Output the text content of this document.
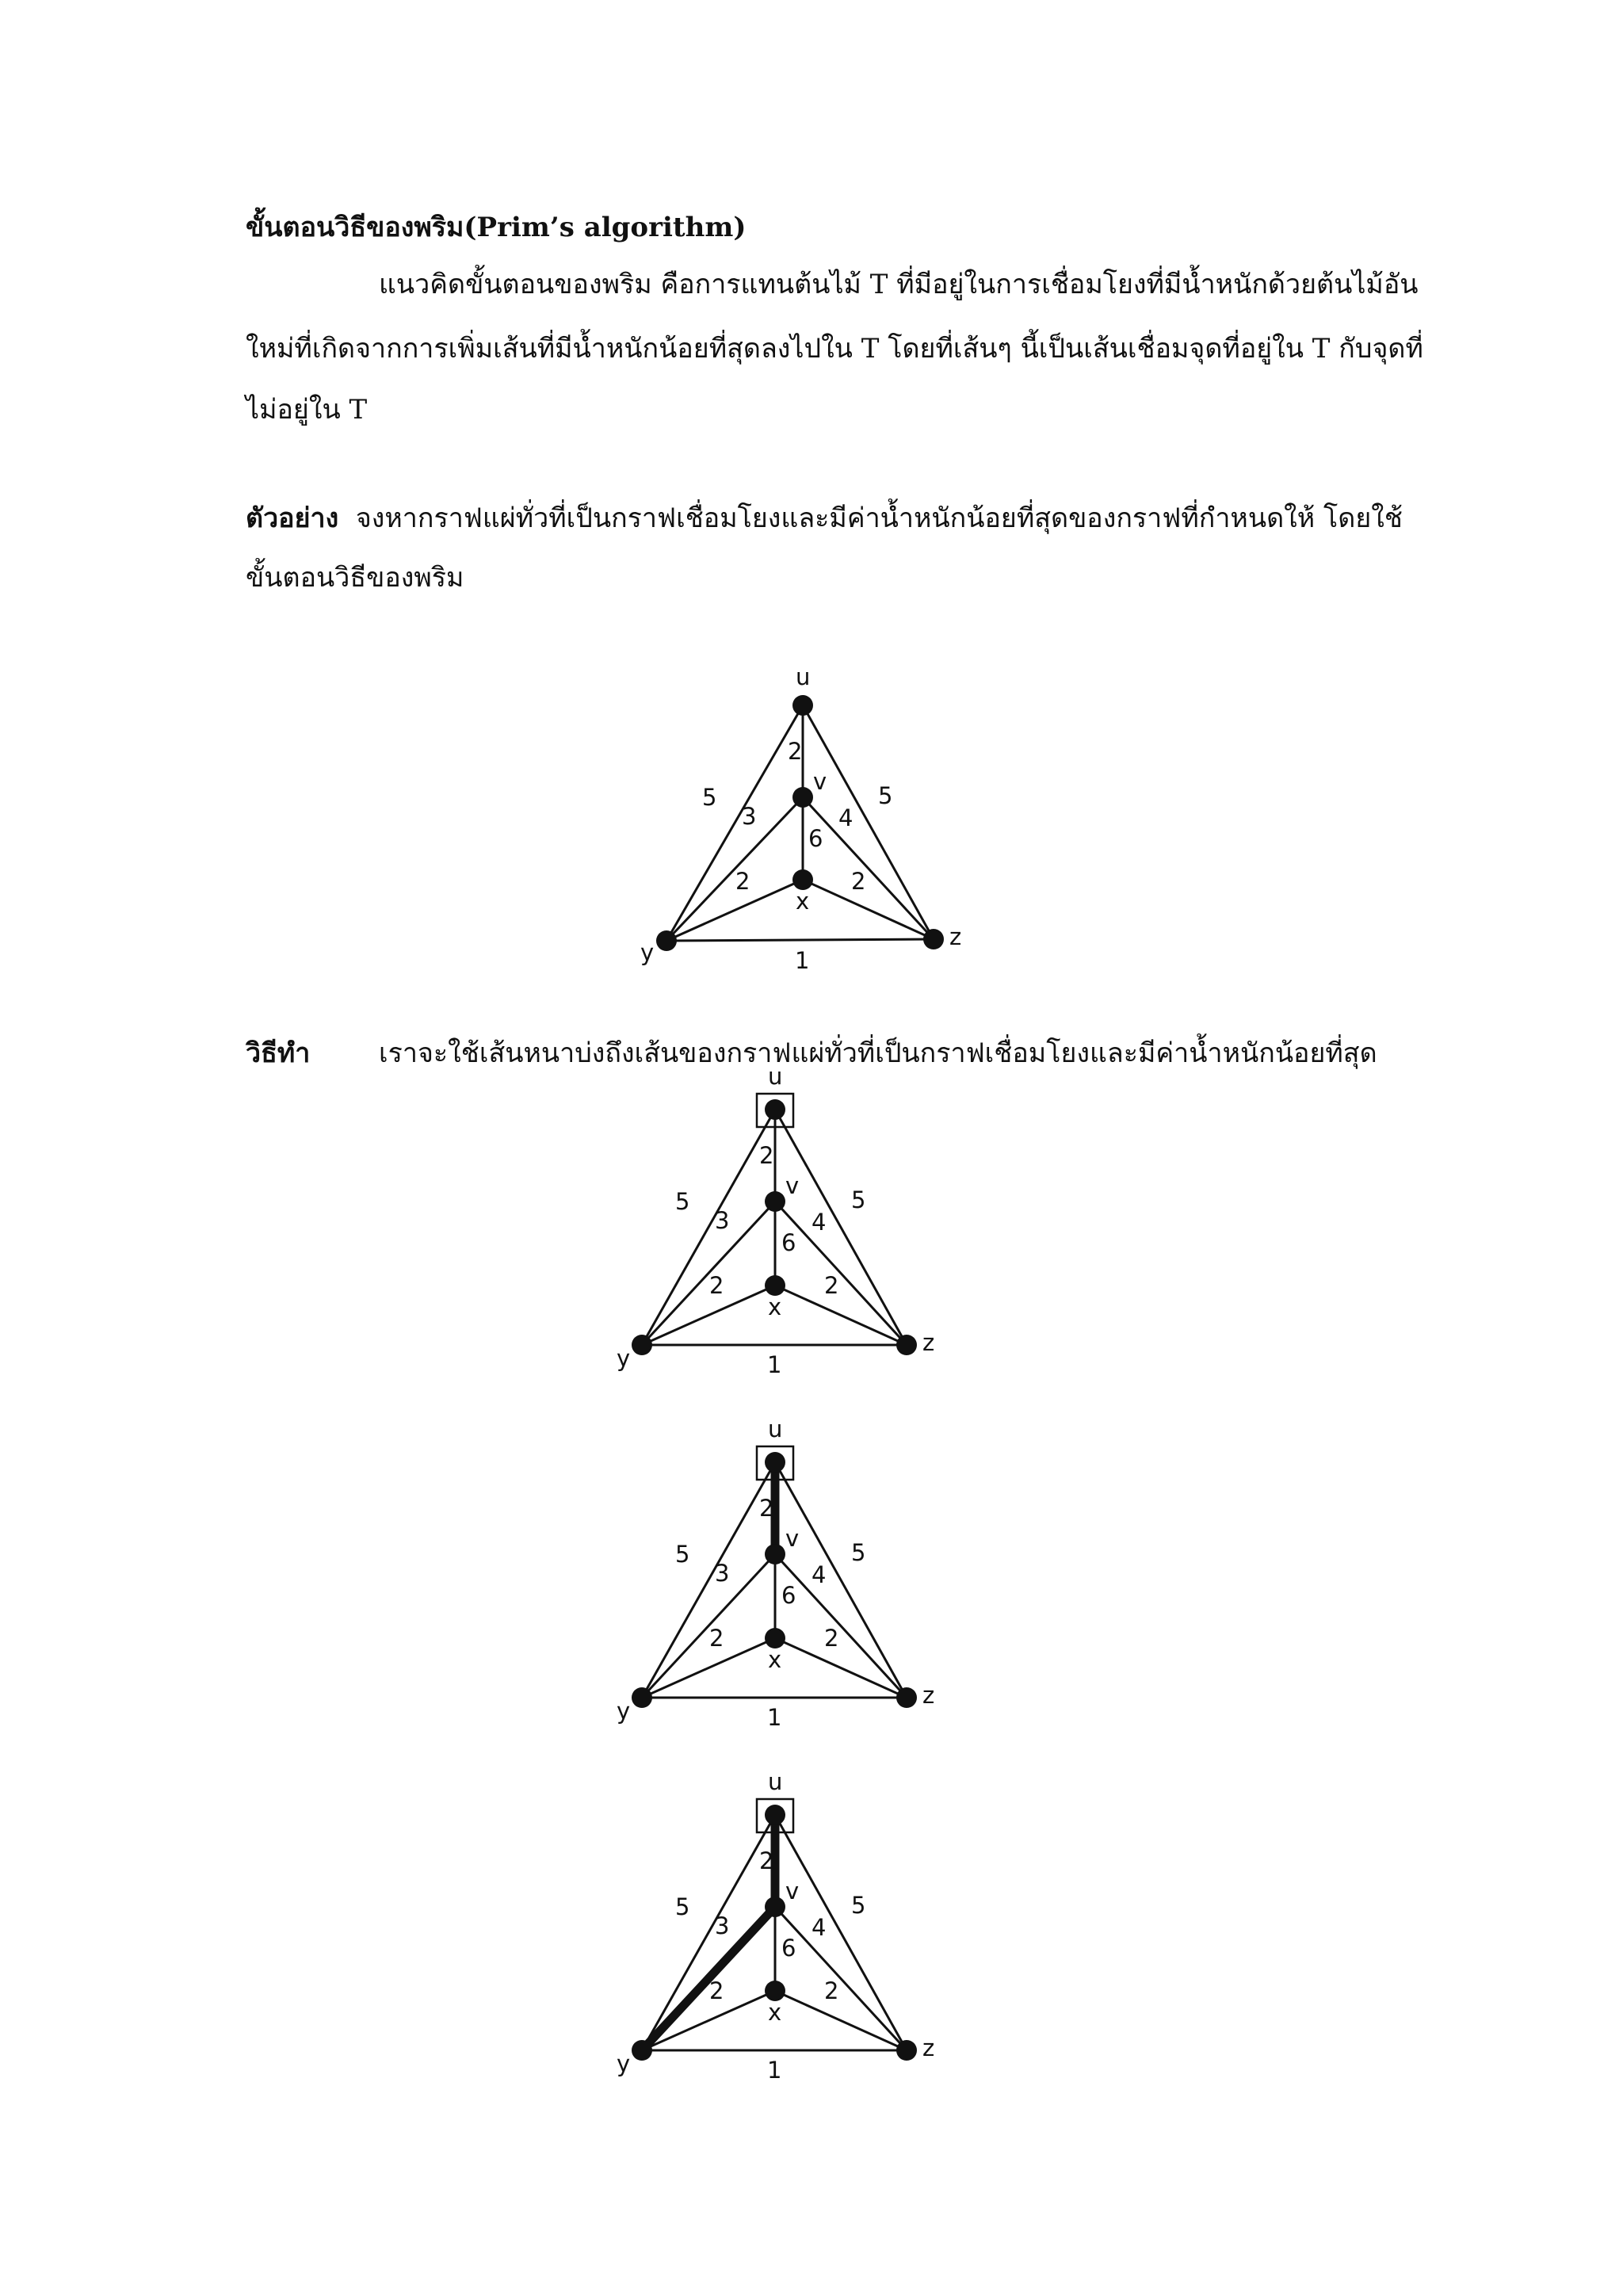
ขั้นตอนวิธีของพริม(Prim’s algorithm)
แนวคิดขั้นตอนของพริม คือการแทนต้นไม้ T ที่มีอยู่ในการเชื่อมโยงที่มีน้ำหนักด้วยต้นไม้อัน
ใหม่ที่เกิดจากการเพิ่มเส้นที่มีน้ำหนักน้อยที่สุดลงไปใน T โดยที่เส้นๆ นี้เป็นเส้นเชื่อมจุดที่อยู่ใน T กับจุดที่
ไม่อยู่ใน T
ตัวอย่าง จงหากราฟแผ่ทั่วที่เป็นกราฟเชื่อมโยงและมีค่าน้ำหนักน้อยที่สุดของกราฟที่กำหนดให้ โดยใช้
ขั้นตอนวิธีของพริม
วิธีทำ	เราจะใช้เส้นหนาบ่งถึงเส้นของกราฟแผ่ทั่วที่เป็นกราฟเชื่อมโยงและมีค่าน้ำหนักน้อยที่สุด
u
v
x
y
z
2
5	5
3	4
6
2	2
1
u
v
x
y
z
2
5	5
3	4
6
2	2
1
u
v
x
y
z
2
5	5
3	4
6
2	2
1
u
v
x
y
z
2
5	5
3	4
6
2	2
1
